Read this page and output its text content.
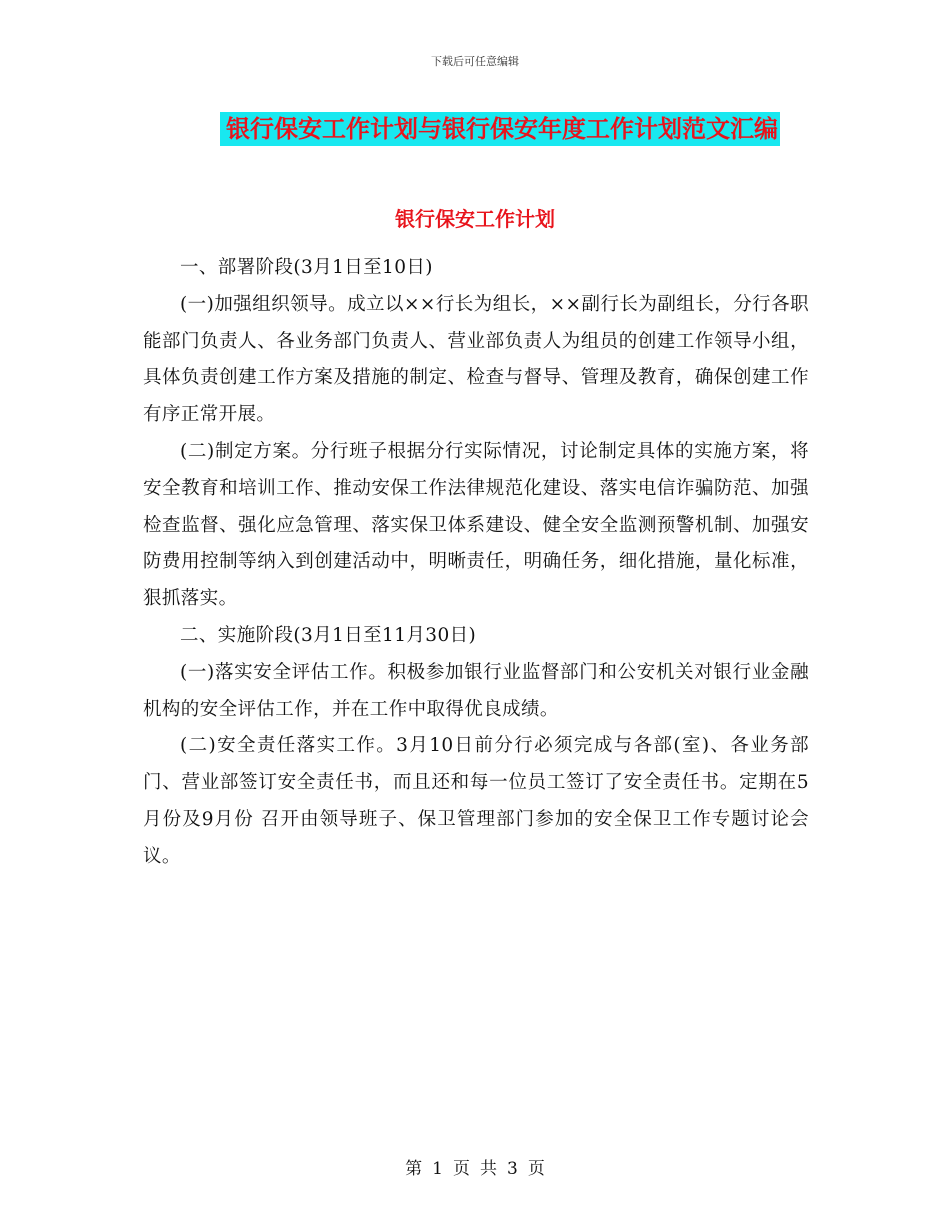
下载后可任意编辑
银行保安工作计划与银行保安年度工作计划范文汇编
银行保安工作计划

一、部署阶段(3月1日至10日)

(一)加强组织领导。成立以××行长为组长，××副行长为副组长，分行各职能部门负责人、各业务部门负责人、营业部负责人为组员的创建工作领导小组，具体负责创建工作方案及措施的制定、检查与督导、管理及教育，确保创建工作有序正常开展。

(二)制定方案。分行班子根据分行实际情况，讨论制定具体的实施方案，将安全教育和培训工作、推动安保工作法律规范化建设、落实电信诈骗防范、加强检查监督、强化应急管理、落实保卫体系建设、健全安全监测预警机制、加强安防费用控制等纳入到创建活动中，明晰责任，明确任务，细化措施，量化标准，狠抓落实。

二、实施阶段(3月1日至11月30日)

(一)落实安全评估工作。积极参加银行业监督部门和公安机关对银行业金融机构的安全评估工作，并在工作中取得优良成绩。

(二)安全责任落实工作。3月10日前分行必须完成与各部(室)、各业务部门、营业部签订安全责任书，而且还和每一位员工签订了安全责任书。定期在5月份及9月份 召开由领导班子、保卫管理部门参加的安全保卫工作专题讨论会议。

第 1 页 共 3 页
